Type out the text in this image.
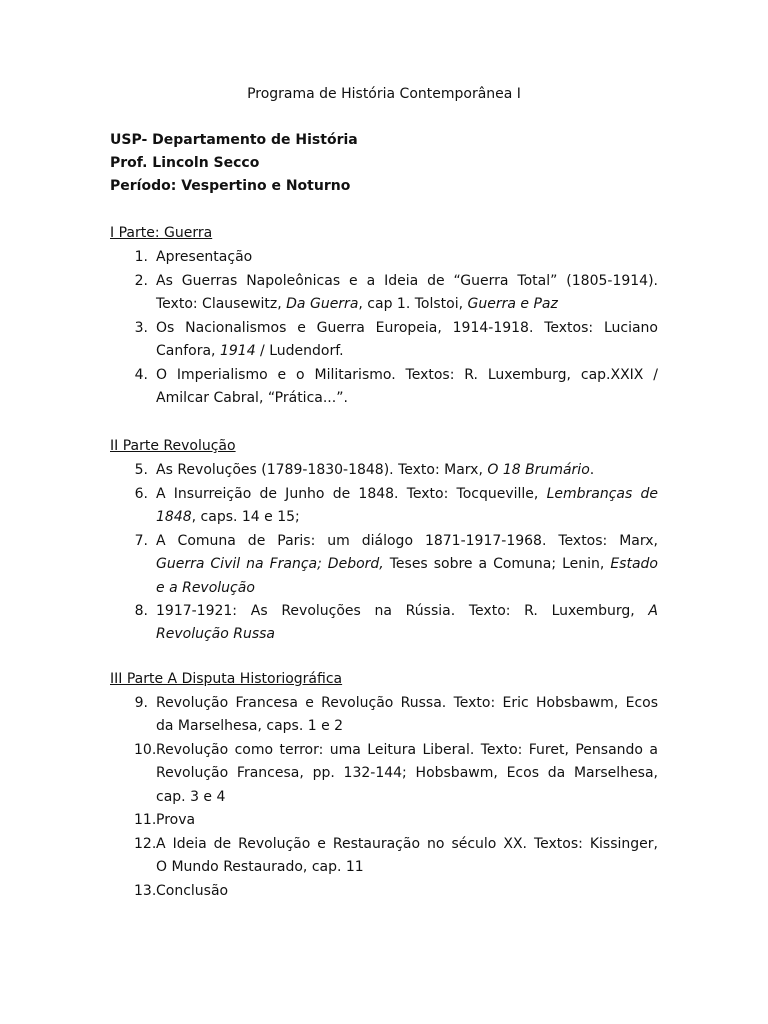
Programa de História Contemporânea I

USP- Departamento de História

Prof. Lincoln Secco

Período: Vespertino e Noturno

I Parte: Guerra

1. Apresentação
2. As Guerras Napoleônicas e a Ideia de “Guerra Total” (1805-1914).
Texto: Clausewitz, Da Guerra, cap 1. Tolstoi, Guerra e Paz
3. Os Nacionalismos e Guerra Europeia, 1914-1918. Textos: Luciano
Canfora, 1914 / Ludendorf.
4. O Imperialismo e o Militarismo. Textos: R. Luxemburg, cap.XXIX /
Amilcar Cabral, “Prática...”.

II Parte Revolução

5. As Revoluções (1789-1830-1848). Texto: Marx, O 18 Brumário.
6. A Insurreição de Junho de 1848. Texto: Tocqueville, Lembranças de
1848, caps. 14 e 15;
7. A Comuna de Paris: um diálogo 1871-1917-1968. Textos: Marx,
Guerra Civil na França; Debord, Teses sobre a Comuna; Lenin, Estado
e a Revolução
8. 1917-1921: As Revoluções na Rússia. Texto: R. Luxemburg, A
Revolução Russa

III Parte A Disputa Historiográfica

9. Revolução Francesa e Revolução Russa. Texto: Eric Hobsbawm, Ecos
da Marselhesa, caps. 1 e 2
10. Revolução como terror: uma Leitura Liberal. Texto: Furet, Pensando a
Revolução Francesa, pp. 132-144; Hobsbawm, Ecos da Marselhesa,
cap. 3 e 4
11. Prova
12. A Ideia de Revolução e Restauração no século XX. Textos: Kissinger,
O Mundo Restaurado, cap. 11
13. Conclusão
